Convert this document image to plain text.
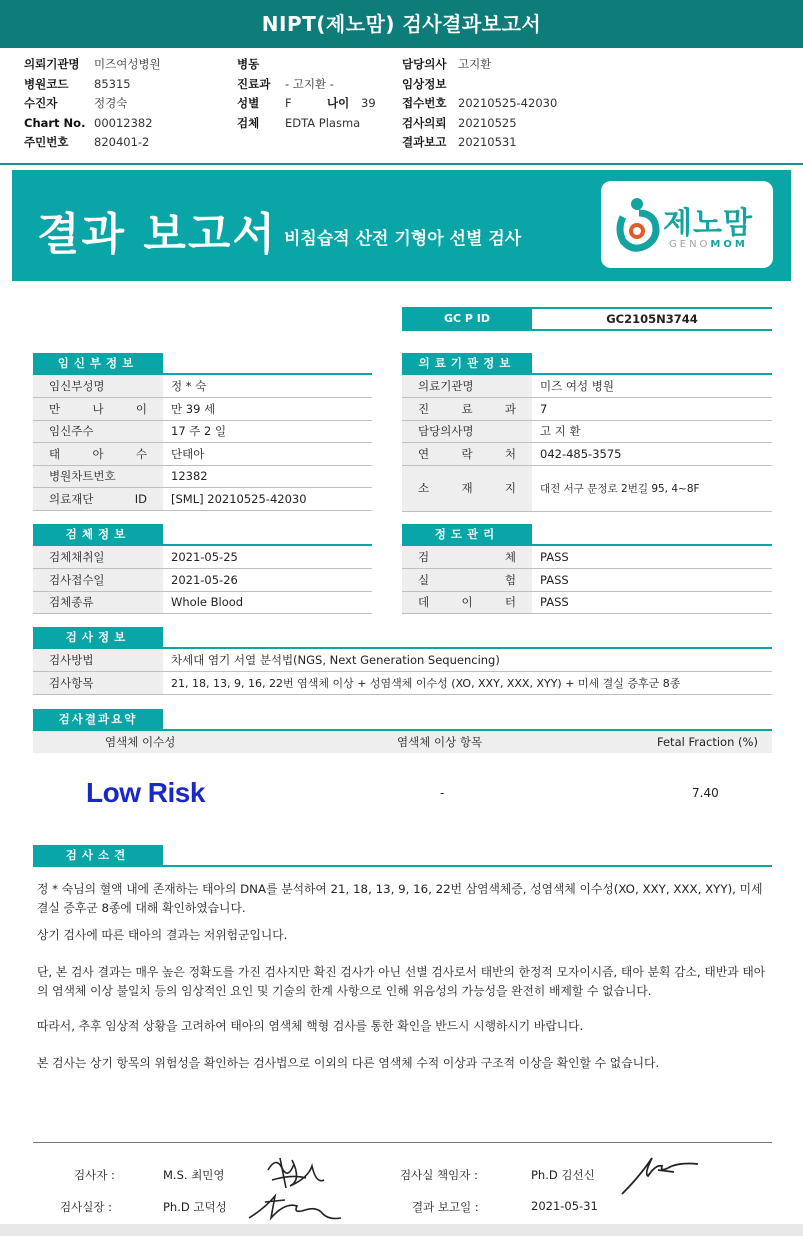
NIPT(제노맘) 검사결과보고서
의뢰기관명 미즈여성병원
병원코드 85315
수진자	정경숙
Chart No. 00012382
주민번호 820401-2
병동
진료과 - 고지환 -
성별 F	나이 39
검체 EDTA Plasma
담당의사 고지환
임상정보
접수번호 20210525-42030
검사의뢰 20210525
결과보고 20210531
결과 보고서 비침습적 산전 기형아 선별 검사	제노맘
GENOMOM
GC P ID	GC2105N3744
임신부정보
임신부성명	정 * 숙
만 나 이	만 39 세
임신주수	17 주 2 일
태 아 수	단태아
병원차트번호	12382
의료재단 ID	[SML] 20210525-42030
의료기관정보
의료기관명	미즈 여성 병원
진 료 과	7
담당의사명	고 지 환
연 락 처	042-485-3575
소 재 지	대전 서구 문정로 2번길 95, 4~8F
검체정보
검체채취일	2021-05-25
검사접수일	2021-05-26
검체종류	Whole Blood
정도관리
검 체	PASS
실 험	PASS
데 이 터	PASS
검사정보
검사방법	차세대 염기 서열 분석법(NGS, Next Generation Sequencing)
검사항목	21, 18, 13, 9, 16, 22번 염색체 이상 + 성염색체 이수성 (XO, XXY, XXX, XYY) + 미세 결실 증후군 8종
검사결과요약
염색체 이수성	염색체 이상 항목	Fetal Fraction (%)
Low Risk	-	7.40
검사소견

정 * 숙님의 혈액 내에 존재하는 태아의 DNA를 분석하여 21, 18, 13, 9, 16, 22번 삼염색체증, 성염색체 이수성(XO, XXY, XXX, XYY), 미세 결실 증후군 8종에 대해 확인하였습니다.

상기 검사에 따른 태아의 결과는 저위험군입니다.

단, 본 검사 결과는 매우 높은 정확도를 가진 검사지만 확진 검사가 아닌 선별 검사로서 태반의 한정적 모자이시즘, 태아 분획 감소, 태반과 태아의 염색체 이상 불일치 등의 임상적인 요인 및 기술의 한계 사항으로 인해 위음성의 가능성을 완전히 배제할 수 없습니다.

따라서, 추후 임상적 상황을 고려하여 태아의 염색체 핵형 검사를 통한 확인을 반드시 시행하시기 바랍니다.

본 검사는 상기 항목의 위험성을 확인하는 검사법으로 이외의 다른 염색체 수적 이상과 구조적 이상을 확인할 수 없습니다.

검사자 :	M.S. 최민영	검사실 책임자 :	Ph.D 김선신
검사실장 :	Ph.D 고덕성	결과 보고일 :	2021-05-31
